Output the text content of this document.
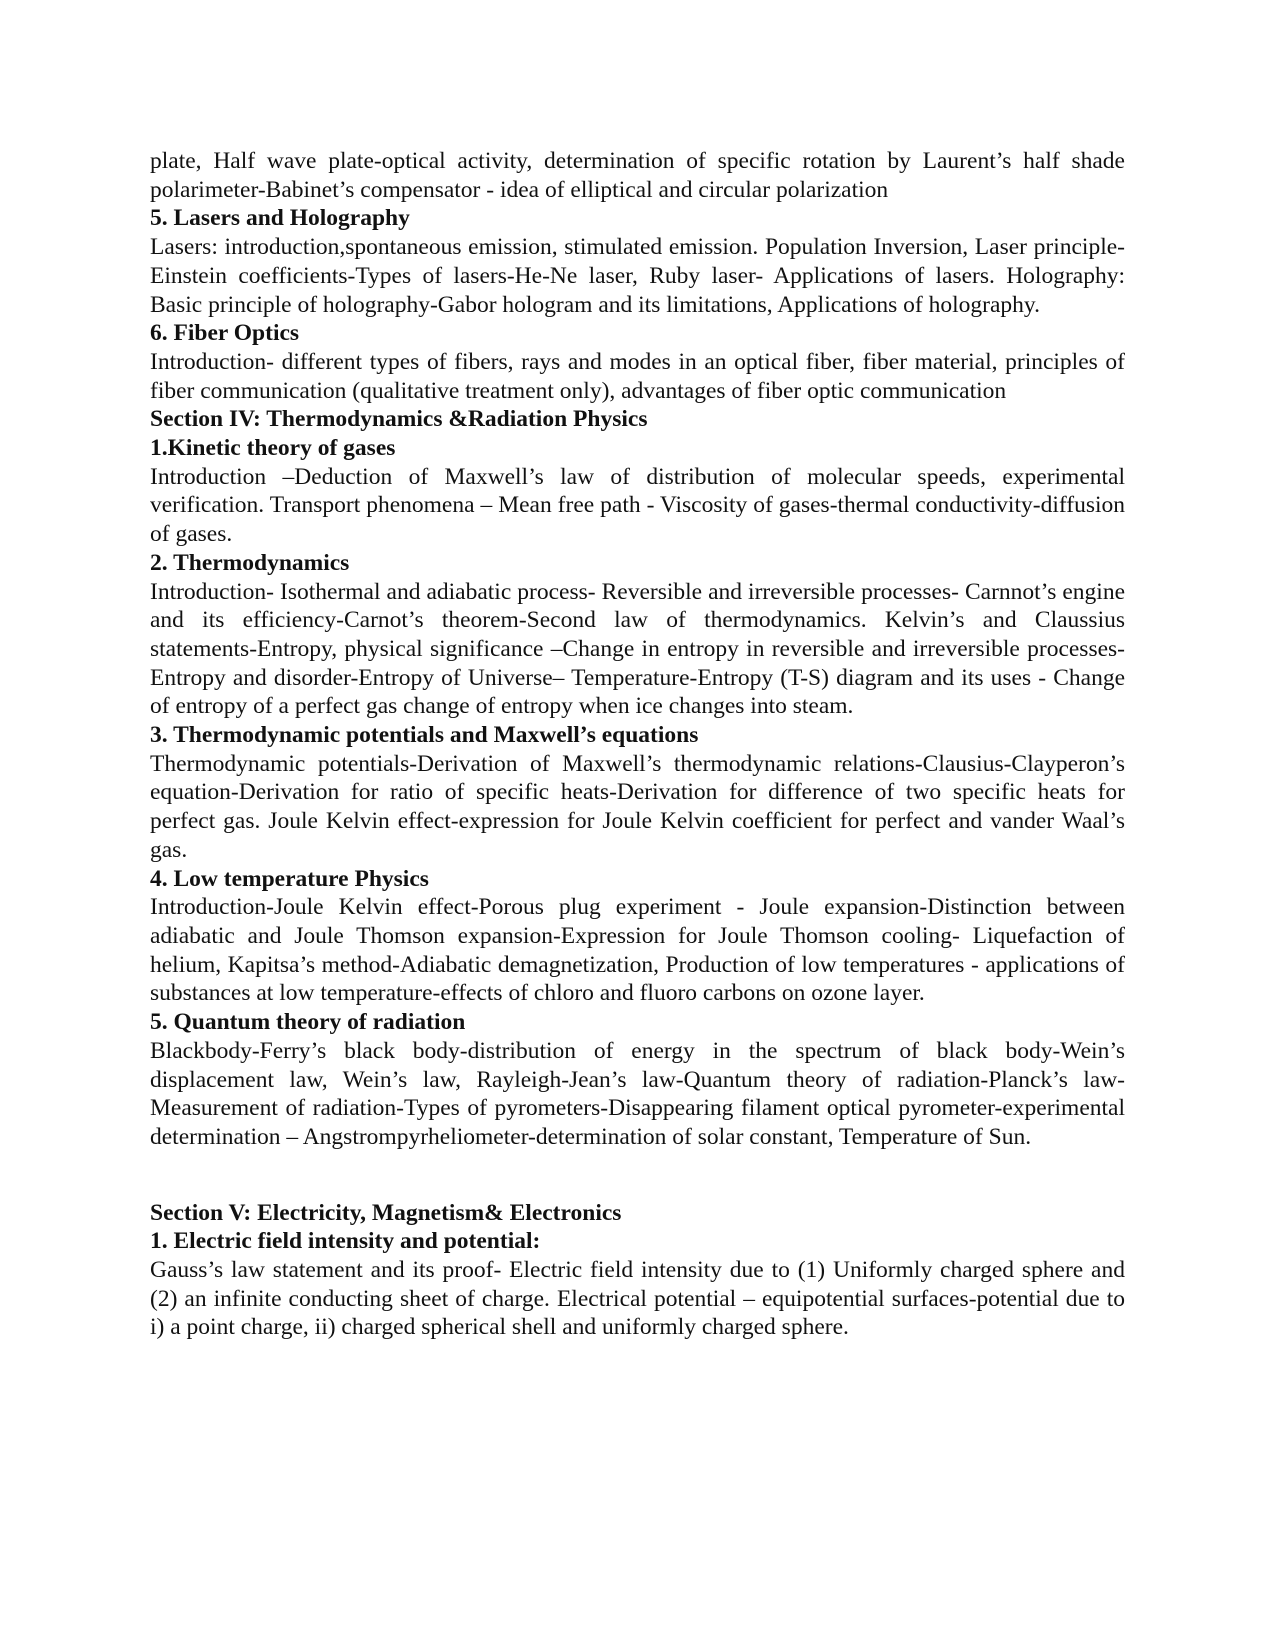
plate, Half wave plate-optical activity, determination of specific rotation by Laurent’s half shade polarimeter-Babinet’s compensator - idea of elliptical and circular polarization

5. Lasers and Holography

Lasers: introduction,spontaneous emission, stimulated emission. Population Inversion, Laser principle-Einstein coefficients-Types of lasers-He-Ne laser, Ruby laser- Applications of lasers. Holography: Basic principle of holography-Gabor hologram and its limitations, Applications of holography.

6. Fiber Optics

Introduction- different types of fibers, rays and modes in an optical fiber, fiber material, principles of fiber communication (qualitative treatment only), advantages of fiber optic communication

Section IV: Thermodynamics &Radiation Physics
1.Kinetic theory of gases

Introduction –Deduction of Maxwell’s law of distribution of molecular speeds, experimental verification. Transport phenomena – Mean free path - Viscosity of gases-thermal conductivity-diffusion of gases.

2. Thermodynamics

Introduction- Isothermal and adiabatic process- Reversible and irreversible processes- Carnnot’s engine and its efficiency-Carnot’s theorem-Second law of thermodynamics. Kelvin’s and Claussius statements-Entropy, physical significance –Change in entropy in reversible and irreversible processes-Entropy and disorder-Entropy of Universe– Temperature-Entropy (T-S) diagram and its uses - Change of entropy of a perfect gas change of entropy when ice changes into steam.

3. Thermodynamic potentials and Maxwell’s equations

Thermodynamic potentials-Derivation of Maxwell’s thermodynamic relations-Clausius-Clayperon’s equation-Derivation for ratio of specific heats-Derivation for difference of two specific heats for perfect gas. Joule Kelvin effect-expression for Joule Kelvin coefficient for perfect and vander Waal’s gas.

4. Low temperature Physics

Introduction-Joule Kelvin effect-Porous plug experiment - Joule expansion-Distinction between adiabatic and Joule Thomson expansion-Expression for Joule Thomson cooling- Liquefaction of helium, Kapitsa’s method-Adiabatic demagnetization, Production of low temperatures - applications of substances at low temperature-effects of chloro and fluoro carbons on ozone layer.

5. Quantum theory of radiation

Blackbody-Ferry’s black body-distribution of energy in the spectrum of black body-Wein’s displacement law, Wein’s law, Rayleigh-Jean’s law-Quantum theory of radiation-Planck’s law-Measurement of radiation-Types of pyrometers-Disappearing filament optical pyrometer-experimental determination – Angstrompyrheliometer-determination of solar constant, Temperature of Sun.

Section V: Electricity, Magnetism& Electronics
1. Electric field intensity and potential:

Gauss’s law statement and its proof- Electric field intensity due to (1) Uniformly charged sphere and (2) an infinite conducting sheet of charge. Electrical potential – equipotential surfaces-potential due to i) a point charge, ii) charged spherical shell and uniformly charged sphere.
